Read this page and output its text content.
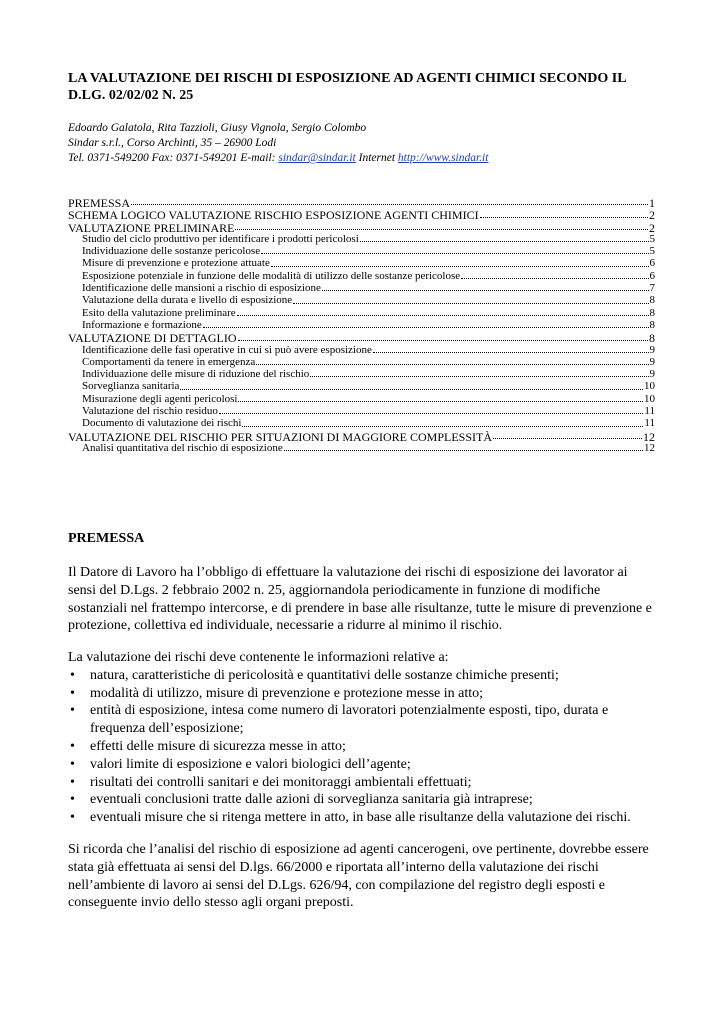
LA VALUTAZIONE DEI RISCHI DI ESPOSIZIONE AD AGENTI CHIMICI SECONDO IL D.LG. 02/02/02 N. 25
Edoardo Galatola, Rita Tazzioli, Giusy Vignola, Sergio Colombo
Sindar s.r.l., Corso Archinti, 35 – 26900 Lodi
Tel. 0371-549200 Fax: 0371-549201 E-mail: sindar@sindar.it Internet http://www.sindar.it
PREMESSA	1
SCHEMA LOGICO VALUTAZIONE RISCHIO ESPOSIZIONE AGENTI CHIMICI	2
VALUTAZIONE PRELIMINARE	2
Studio del ciclo produttivo per identificare i prodotti pericolosi	5
Individuazione delle sostanze pericolose	5
Misure di prevenzione e protezione attuate	6
Esposizione potenziale in funzione delle modalità di utilizzo delle sostanze pericolose	6
Identificazione delle mansioni a rischio di esposizione	7
Valutazione della durata e livello di esposizione	8
Esito della valutazione preliminare	8
Informazione e formazione	8
VALUTAZIONE DI DETTAGLIO	8
Identificazione delle fasi operative in cui si può avere esposizione	9
Comportamenti da tenere in emergenza	9
Individuazione delle misure di riduzione del rischio	9
Sorveglianza sanitaria	10
Misurazione degli agenti pericolosi	10
Valutazione del rischio residuo	11
Documento di valutazione dei rischi	11
VALUTAZIONE DEL RISCHIO PER SITUAZIONI DI MAGGIORE COMPLESSITÀ	12
Analisi quantitativa del rischio di esposizione	12
PREMESSA
Il Datore di Lavoro ha l’obbligo di effettuare la valutazione dei rischi di esposizione dei lavorator ai sensi del D.Lgs. 2 febbraio 2002 n. 25, aggiornandola periodicamente in funzione di modifiche sostanziali nel frattempo intercorse, e di prendere in base alle risultanze, tutte le misure di prevenzione e protezione, collettiva ed individuale, necessarie a ridurre al minimo il rischio.
La valutazione dei rischi deve contenente le informazioni relative a:
• natura, caratteristiche di pericolosità e quantitativi delle sostanze chimiche presenti;
• modalità di utilizzo, misure di prevenzione e protezione messe in atto;
• entità di esposizione, intesa come numero di lavoratori potenzialmente esposti, tipo, durata e frequenza dell’esposizione;
• effetti delle misure di sicurezza messe in atto;
• valori limite di esposizione e valori biologici dell’agente;
• risultati dei controlli sanitari e dei monitoraggi ambientali effettuati;
• eventuali conclusioni tratte dalle azioni di sorveglianza sanitaria già intraprese;
• eventuali misure che si ritenga mettere in atto, in base alle risultanze della valutazione dei rischi.
Si ricorda che l’analisi del rischio di esposizione ad agenti cancerogeni, ove pertinente, dovrebbe essere stata già effettuata ai sensi del D.lgs. 66/2000 e riportata all’interno della valutazione dei rischi nell’ambiente di lavoro ai sensi del D.Lgs. 626/94, con compilazione del registro degli esposti e conseguente invio dello stesso agli organi preposti.
